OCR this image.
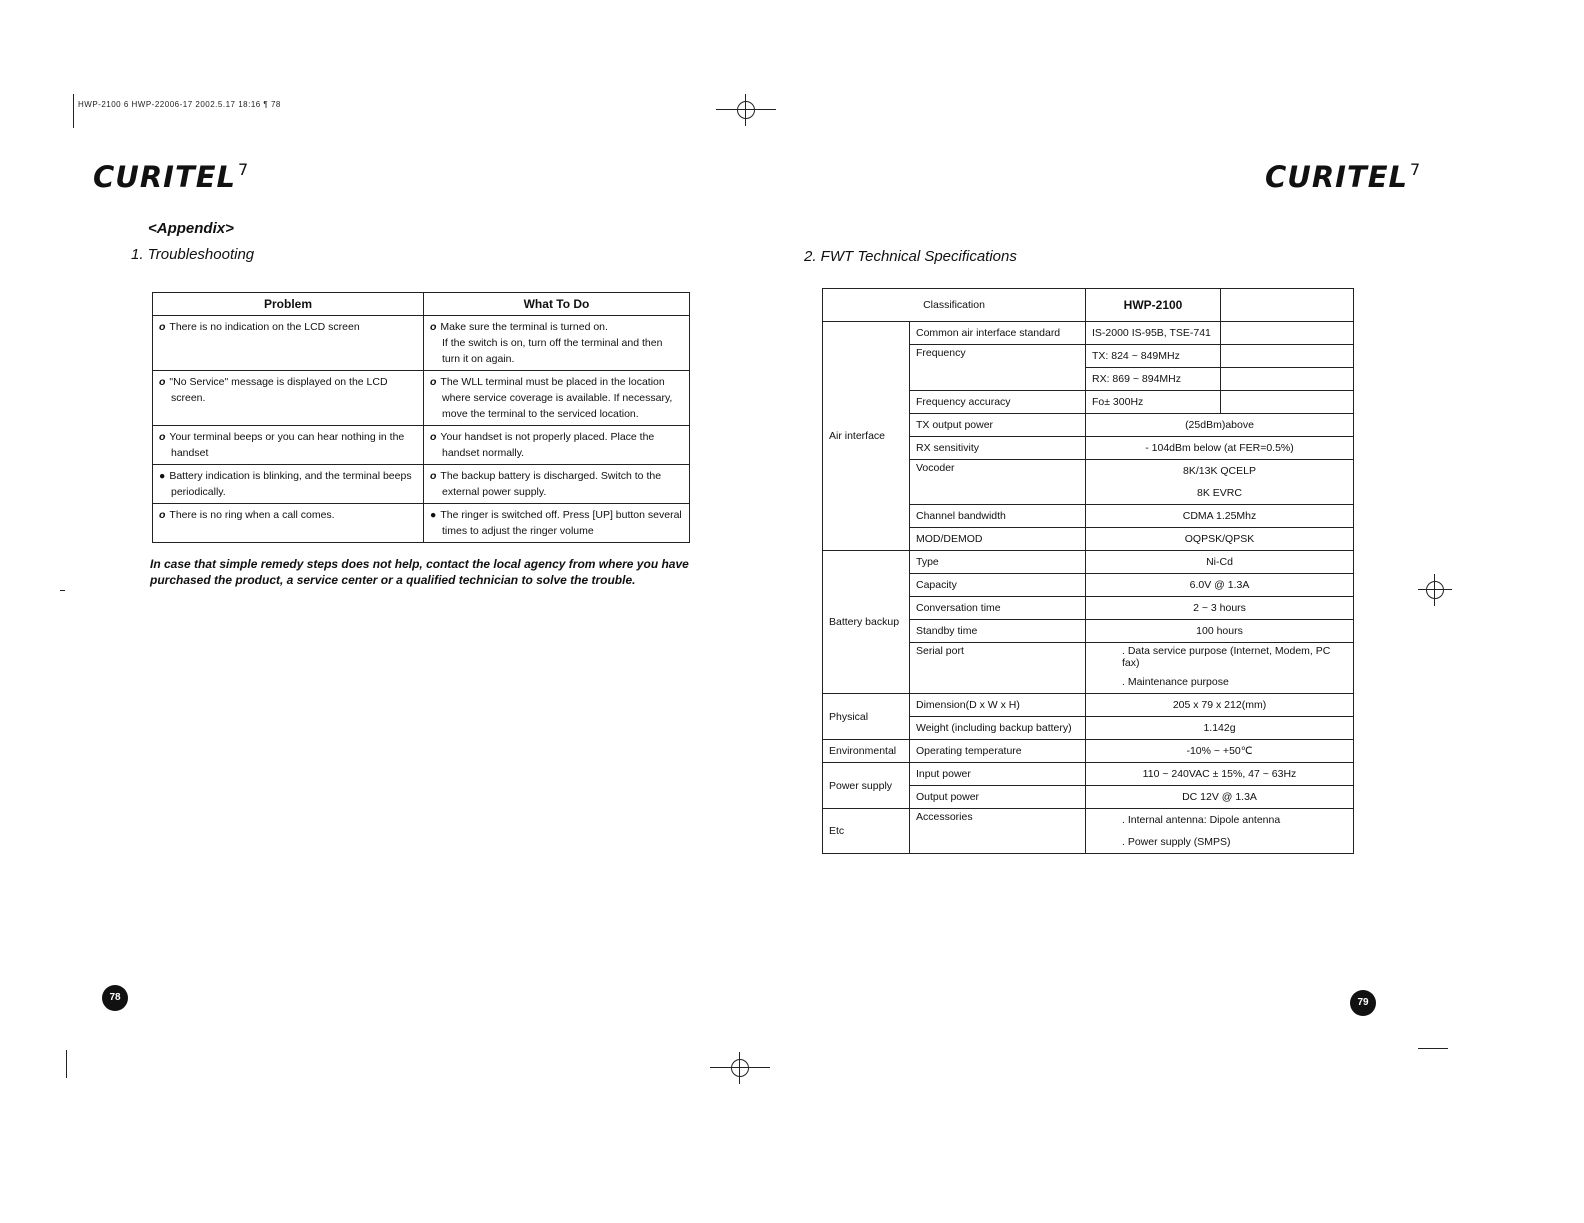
HWP-2100 6 HWP-22006-17 2002.5.17 18:16 ¶ 78
CURITEL $^7$	CURITEL $^7$
<Appendix>
1. Troubleshooting
Problem	What To Do

o There is no indication on the LCD screen	o Make sure the terminal is turned on.
If the switch is on, turn off the terminal and then turn it on again.

o "No Service" message is displayed on the LCD screen.	o The WLL terminal must be placed in the location where service coverage is available. If necessary, move the terminal to the serviced location.

o Your terminal beeps or you can hear nothing in the handset	o Your handset is not properly placed. Place the handset normally.

● Battery indication is blinking, and the terminal beeps periodically.	o The backup battery is discharged. Switch to the external power supply.

o There is no ring when a call comes.	● The ringer is switched off. Press [UP] button several times to adjust the ringer volume
In case that simple remedy steps does not help, contact the local agency from where you have purchased the product, a service center or a qualified technician to solve the trouble.
78
2. FWT Technical Specifications
Classification		HWP-2100	
Air interface	Common air interface standard	IS-2000 IS-95B, TSE-741	
	Frequency	TX: 824 ~ 849MHz	
		RX: 869 ~ 894MHz	
	Frequency accuracy	Fo± 300Hz	
	TX output power	(25dBm)above	
	RX sensitivity	- 104dBm below (at FER=0.5%)	
	Vocoder	8K/13K QCELP	
		8K EVRC	
	Channel bandwidth	CDMA 1.25Mhz	
	MOD/DEMOD	OQPSK/QPSK	
Battery backup	Type	Ni-Cd	
	Capacity	6.0V @ 1.3A	
	Conversation time	2 ~ 3 hours	
	Standby time	100 hours	
	Serial port	. Data service purpose (Internet, Modem, PC fax)	
		. Maintenance purpose	
Physical	Dimension(D x W x H)	205 x 79 x 212(mm)	
	Weight (including backup battery)	1.142g	
Environmental	Operating temperature	-10% ~ +50℃	
Power supply	Input power	110 ~ 240VAC ± 15%, 47 ~ 63Hz	
	Output power	DC 12V @ 1.3A	
Etc	Accessories	. Internal antenna: Dipole antenna	
		. Power supply (SMPS)	
79
